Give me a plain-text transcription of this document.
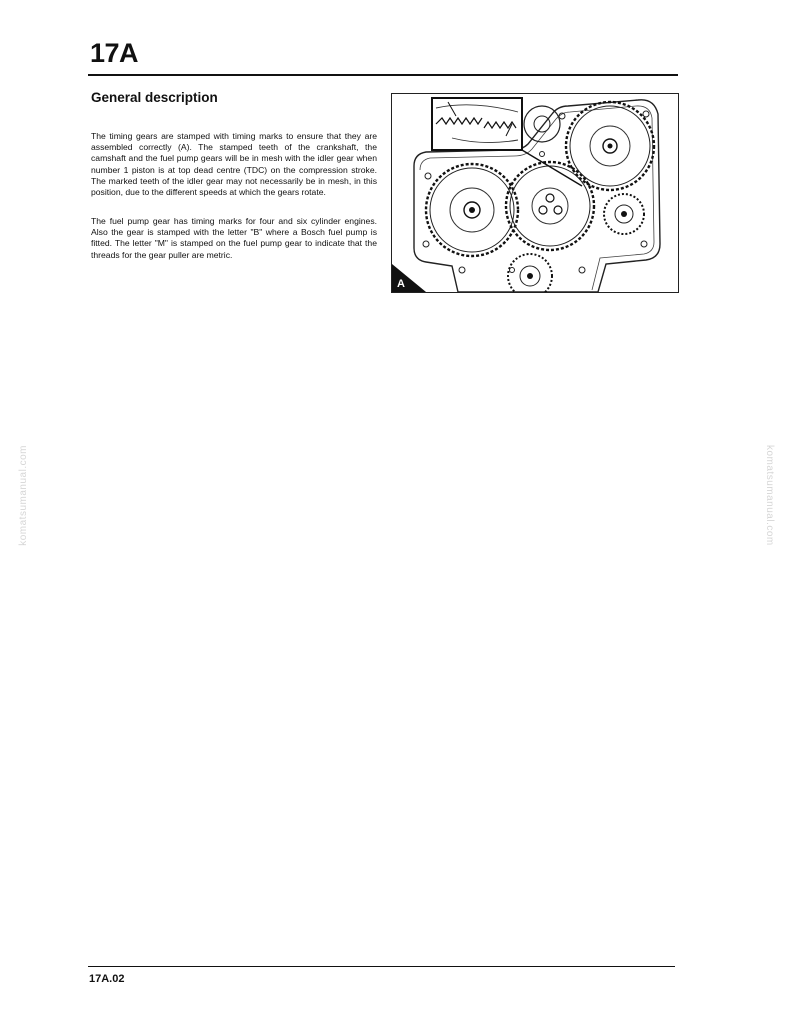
17A
General description
The timing gears are stamped with timing marks to ensure that they are assembled correctly (A). The stamped teeth of the crankshaft, the camshaft and the fuel pump gears will be in mesh with the idler gear when number 1 piston is at top dead centre (TDC) on the compression stroke. The marked teeth of the idler gear may not necessarily be in mesh, in this position, due to the different speeds at which the gears rotate.
The fuel pump gear has timing marks for four and six cylinder engines. Also the gear is stamped with the letter "B" where a Bosch fuel pump is fitted. The letter "M" is stamped on the fuel pump gear to indicate that the threads for the gear puller are metric.
A
komatsumanual.com	komatsumanual.com
17A.02
